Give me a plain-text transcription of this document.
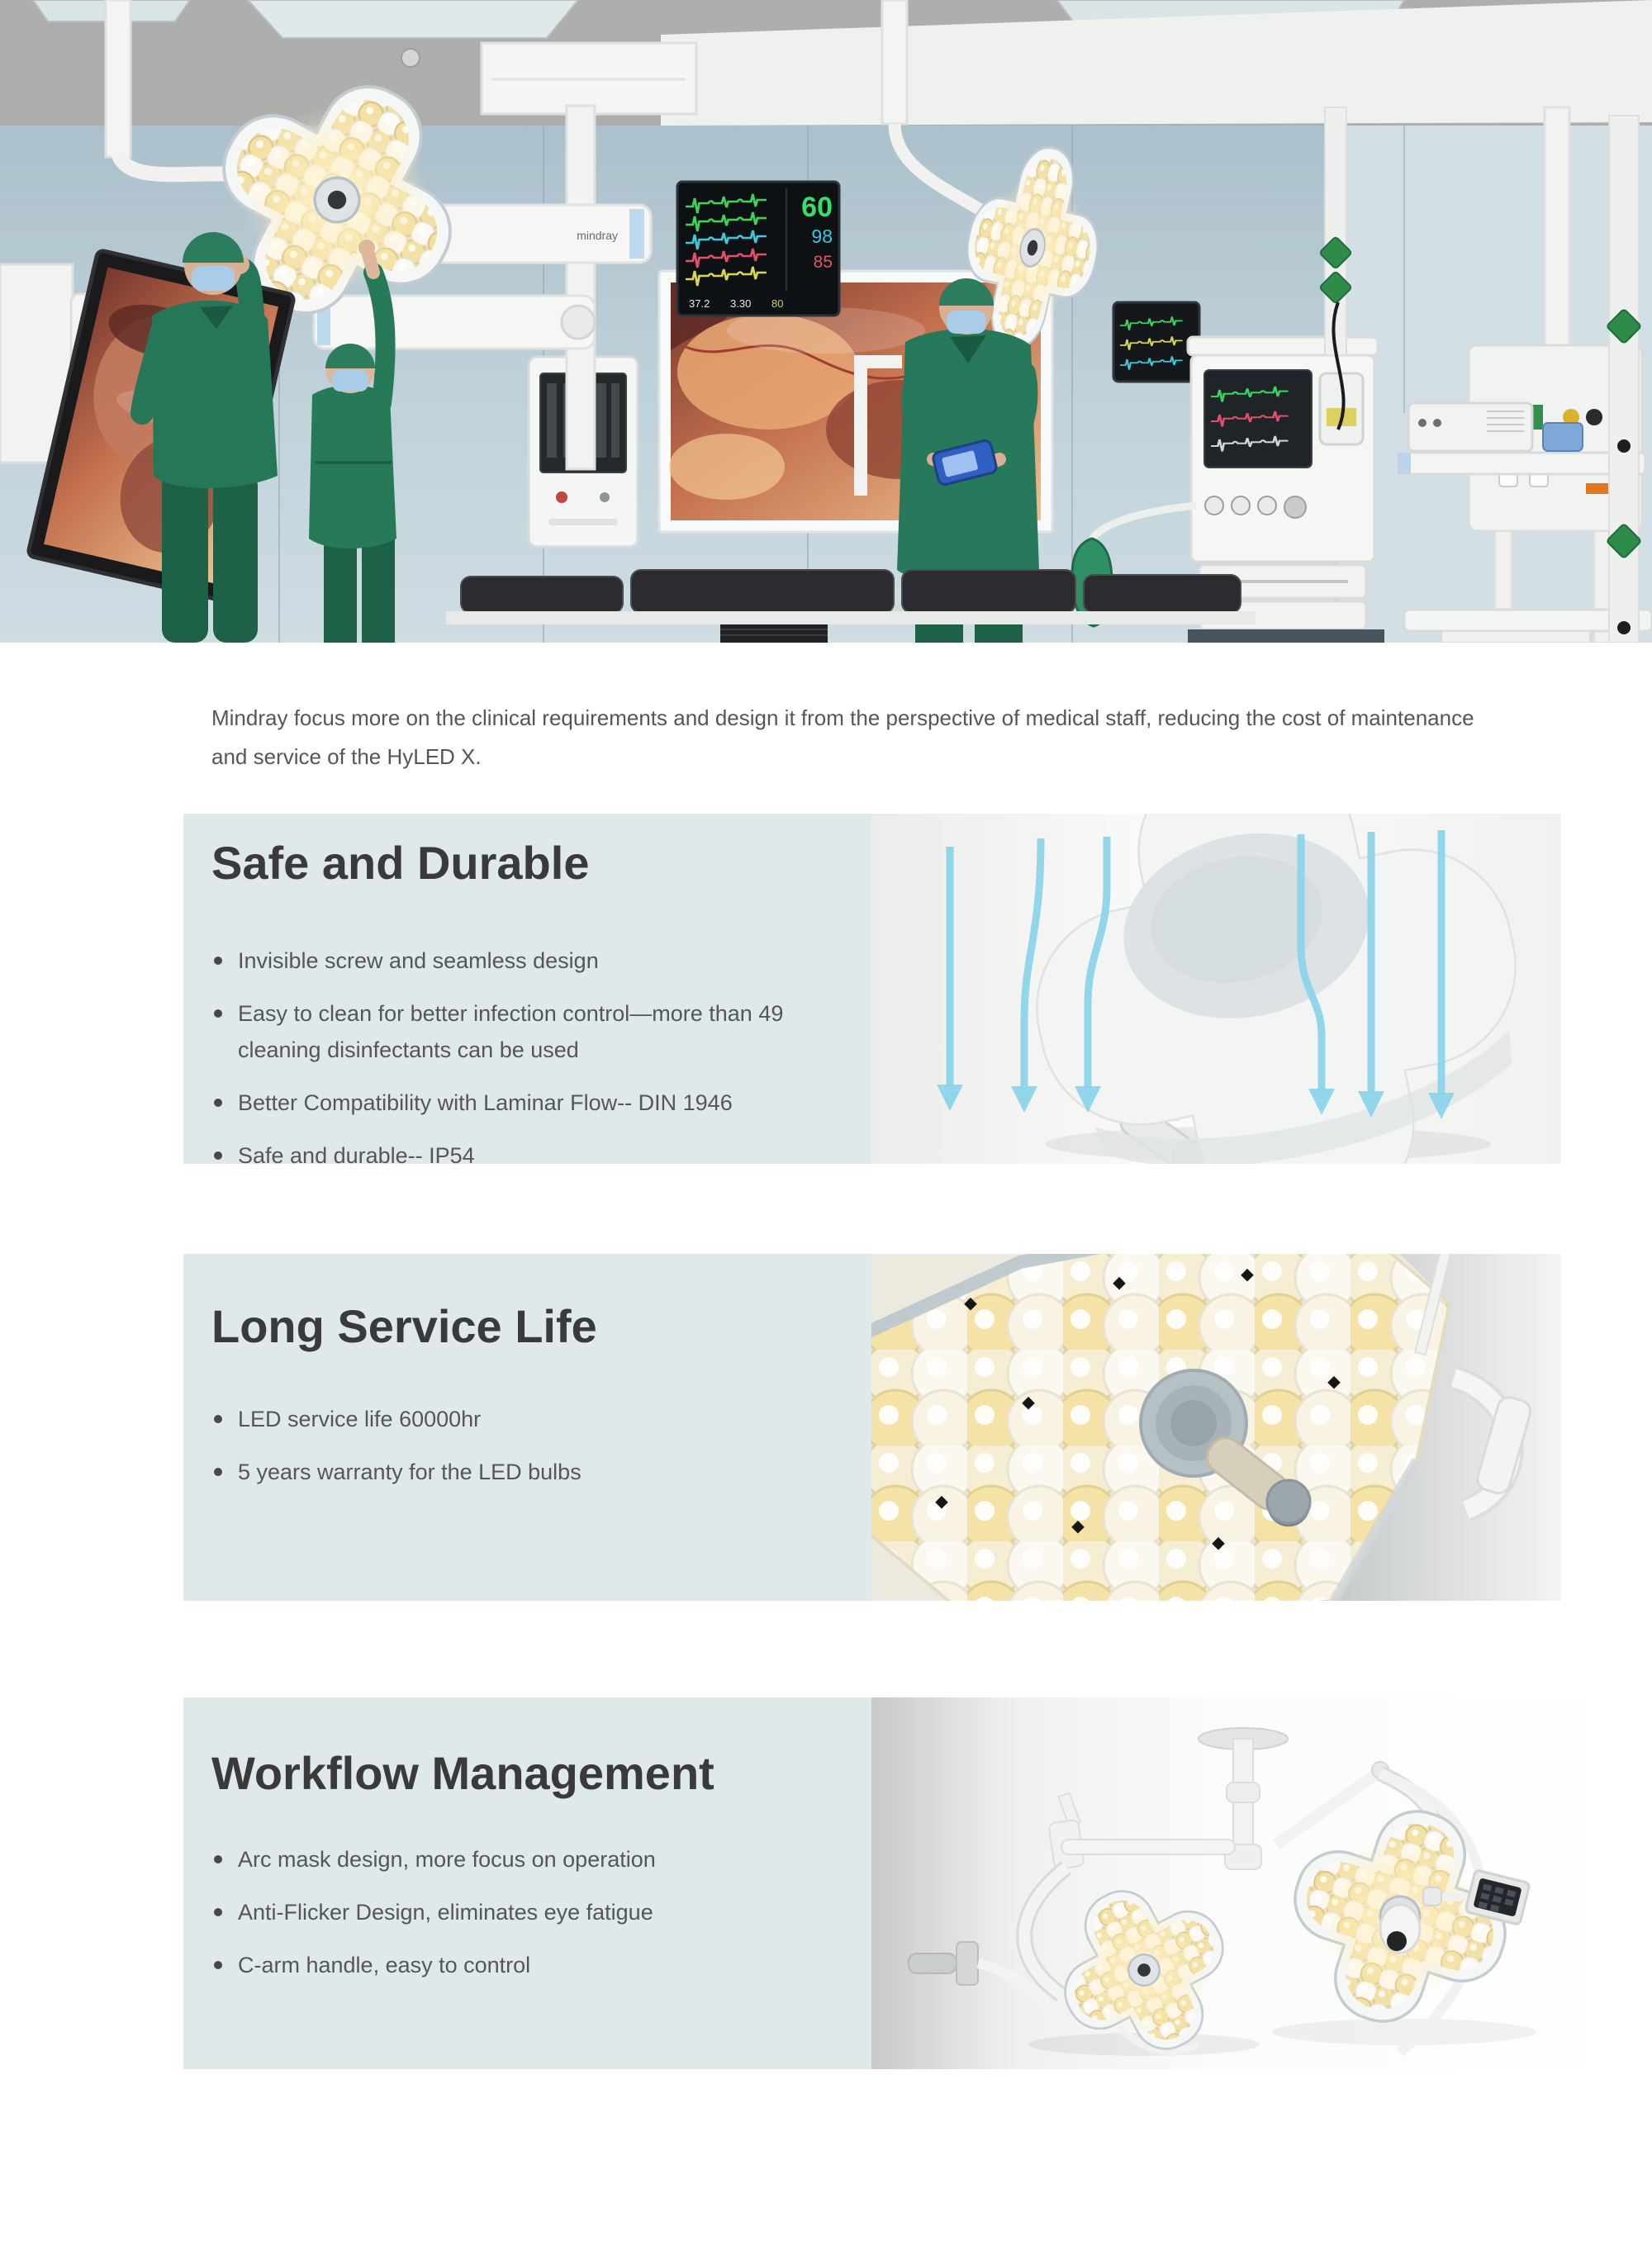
60
98
85
37.2 3.30 80
mindray

Mindray focus more on the clinical requirements and design it from the perspective of medical staff, reducing the cost of maintenance and service of the HyLED X.

Safe and Durable
Invisible screw and seamless design
Easy to clean for better infection control—more than 49 cleaning disinfectants can be used
Better Compatibility with Laminar Flow-- DIN 1946
Safe and durable-- IP54
Long Service Life
LED service life 60000hr
5 years warranty for the LED bulbs
Workflow Management
Arc mask design, more focus on operation
Anti-Flicker Design, eliminates eye fatigue
C-arm handle, easy to control
